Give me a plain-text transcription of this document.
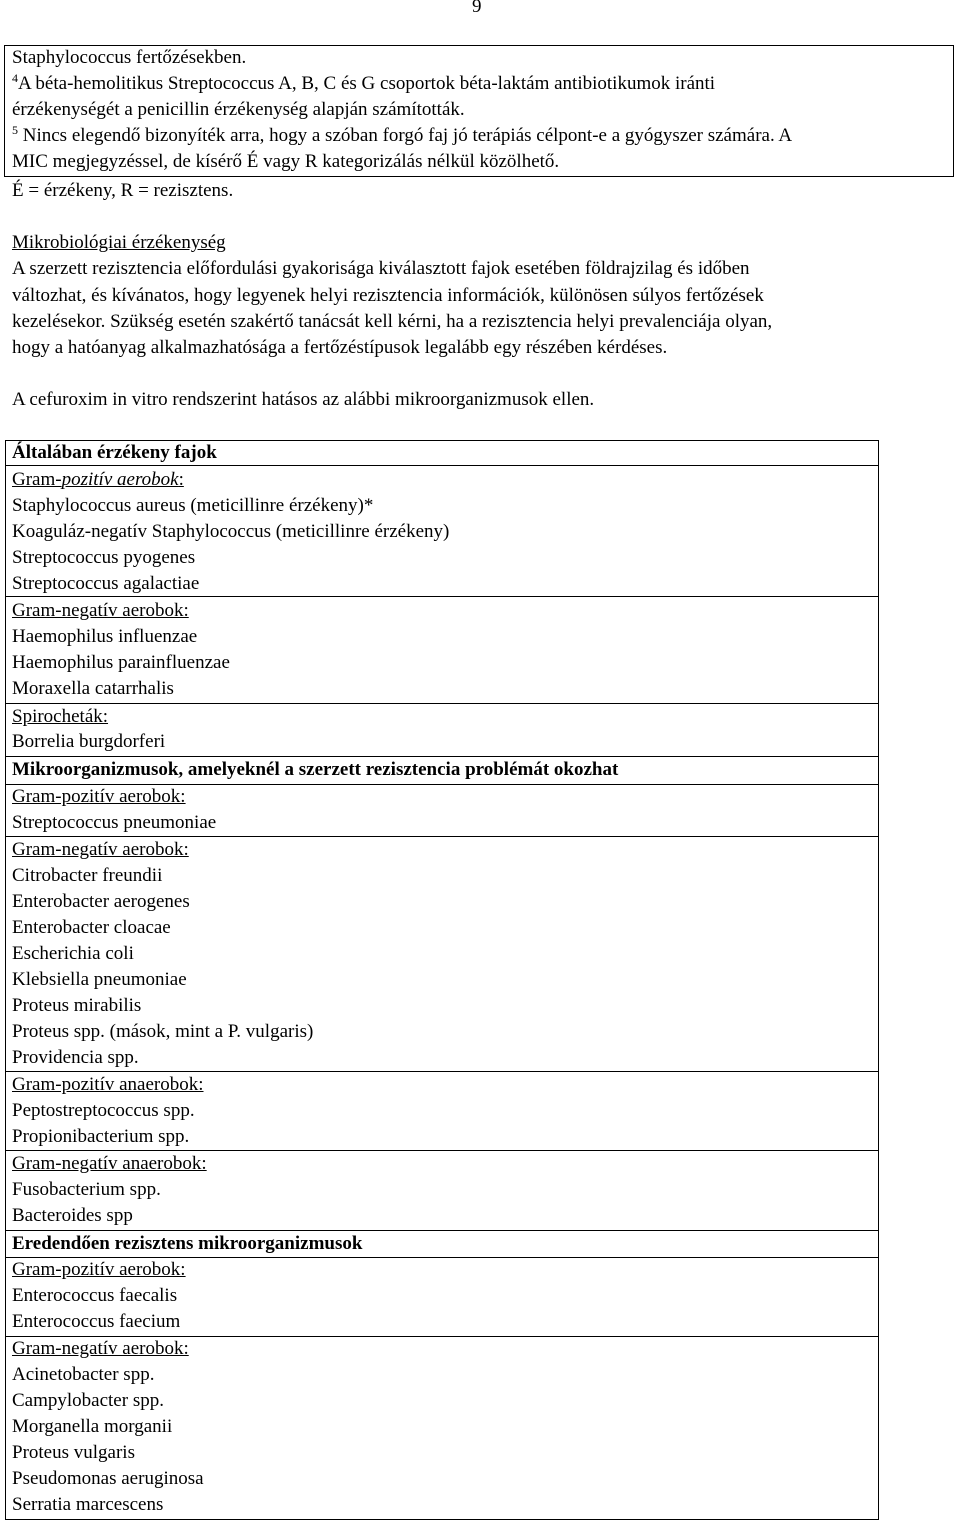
9
Staphylococcus fertőzésekben.
$^4$A béta-hemolitikus Streptococcus A, B, C és G csoportok béta-laktám antibiotikumok iránti
érzékenységét a penicillin érzékenység alapján számították.
$^5$ Nincs elegendő bizonyíték arra, hogy a szóban forgó faj jó terápiás célpont-e a gyógyszer számára. A
MIC megjegyzéssel, de kísérő É vagy R kategorizálás nélkül közölhető.
É = érzékeny, R = rezisztens.
Mikrobiológiai érzékenység
A szerzett rezisztencia előfordulási gyakorisága kiválasztott fajok esetében földrajzilag és időben
változhat, és kívánatos, hogy legyenek helyi rezisztencia információk, különösen súlyos fertőzések
kezelésekor. Szükség esetén szakértő tanácsát kell kérni, ha a rezisztencia helyi prevalenciája olyan,
hogy a hatóanyag alkalmazhatósága a fertőzéstípusok legalább egy részében kérdéses.
A cefuroxim in vitro rendszerint hatásos az alábbi mikroorganizmusok ellen.
Általában érzékeny fajok
Gram-pozitív aerobok:
Staphylococcus aureus (meticillinre érzékeny)*
Koaguláz-negatív Staphylococcus (meticillinre érzékeny)
Streptococcus pyogenes
Streptococcus agalactiae
Gram-negatív aerobok:
Haemophilus influenzae
Haemophilus parainfluenzae
Moraxella catarrhalis
Spirocheták:
Borrelia burgdorferi
Mikroorganizmusok, amelyeknél a szerzett rezisztencia problémát okozhat
Gram-pozitív aerobok:
Streptococcus pneumoniae
Gram-negatív aerobok:
Citrobacter freundii
Enterobacter aerogenes
Enterobacter cloacae
Escherichia coli
Klebsiella pneumoniae
Proteus mirabilis
Proteus spp. (mások, mint a P. vulgaris)
Providencia spp.
Gram-pozitív anaerobok:
Peptostreptococcus spp.
Propionibacterium spp.
Gram-negatív anaerobok:
Fusobacterium spp.
Bacteroides spp
Eredendően rezisztens mikroorganizmusok
Gram-pozitív aerobok:
Enterococcus faecalis
Enterococcus faecium
Gram-negatív aerobok:
Acinetobacter spp.
Campylobacter spp.
Morganella morganii
Proteus vulgaris
Pseudomonas aeruginosa
Serratia marcescens
